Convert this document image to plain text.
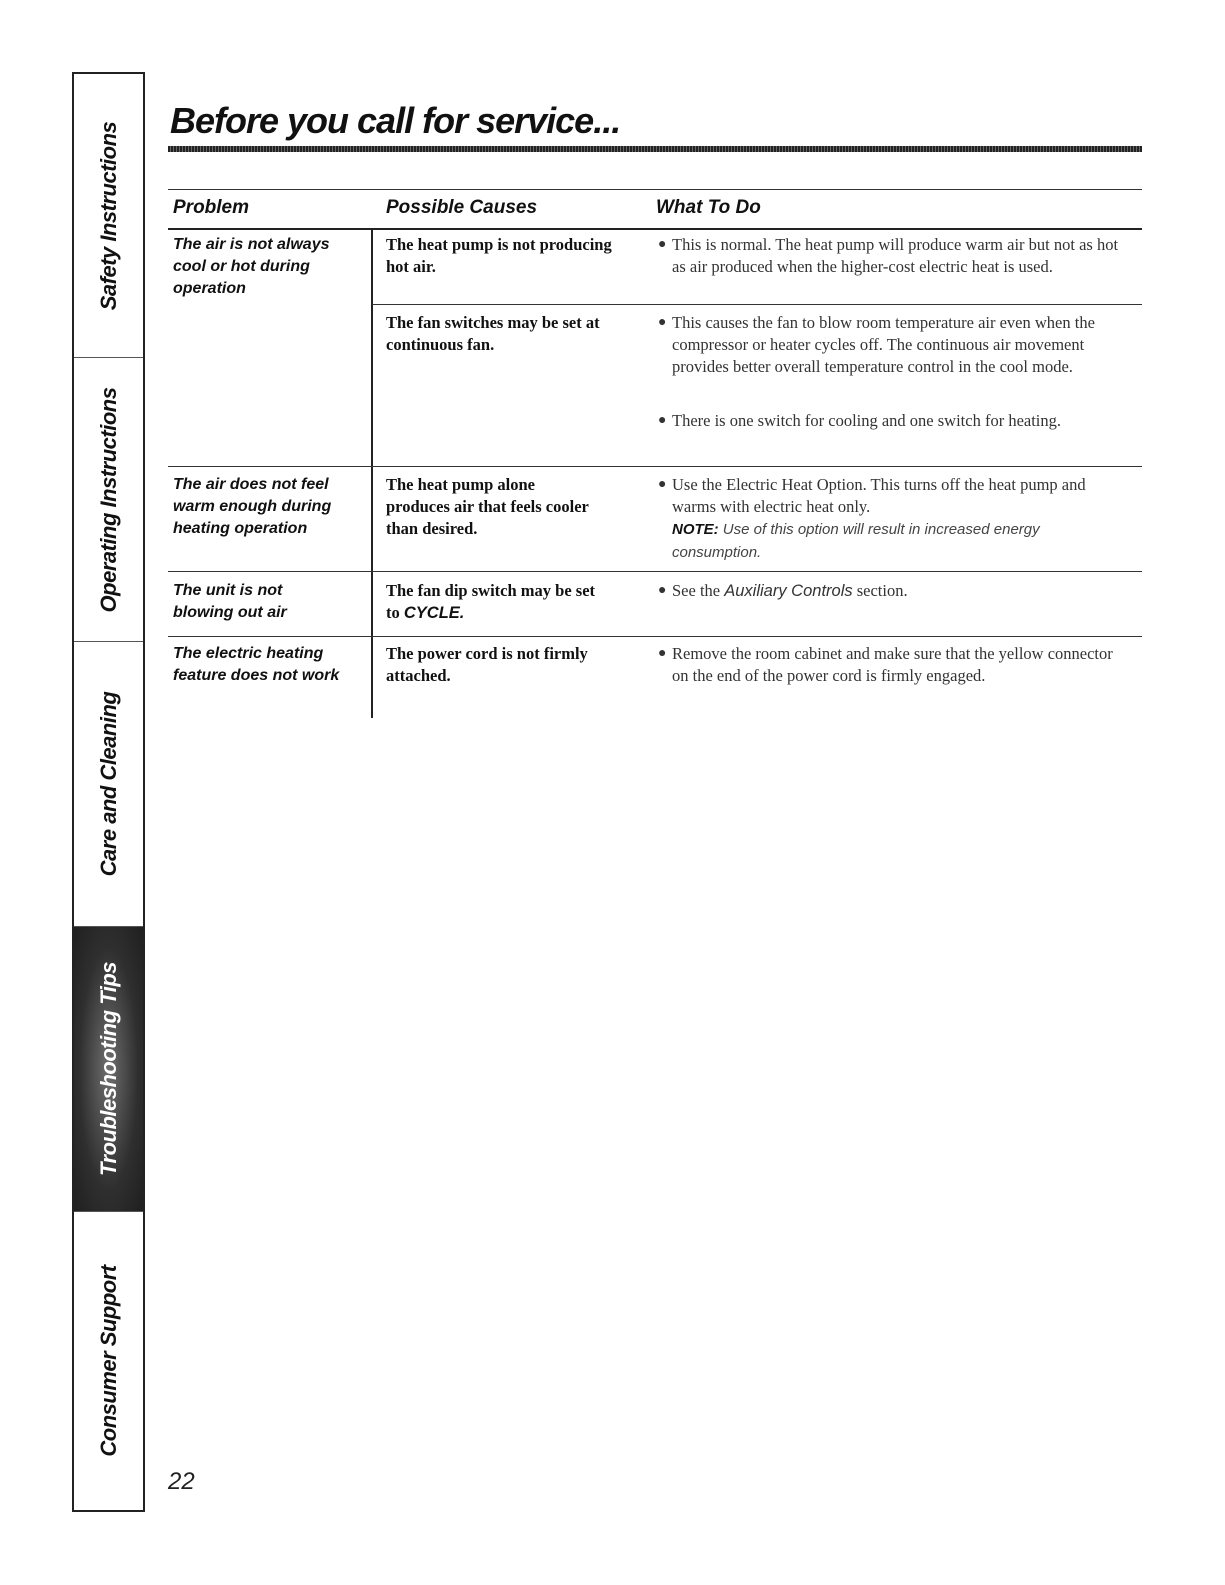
Safety Instructions
Operating Instructions
Care and Cleaning
Troubleshooting Tips
Consumer Support
Before you call for service...
Problem	Possible Causes	What To Do
The air is not always cool or hot during operation
The heat pump is not producing hot air.
● This is normal. The heat pump will produce warm air but not as hot as air produced when the higher-cost electric heat is used.
The fan switches may be set at continuous fan.
● This causes the fan to blow room temperature air even when the compressor or heater cycles off. The continuous air movement provides better overall temperature control in the cool mode.
● There is one switch for cooling and one switch for heating.
The air does not feel warm enough during heating operation
The heat pump alone produces air that feels cooler than desired.
● Use the Electric Heat Option. This turns off the heat pump and warms with electric heat only.
NOTE: Use of this option will result in increased energy consumption.
The unit is not blowing out air
The fan dip switch may be set to CYCLE.
● See the Auxiliary Controls section.
The electric heating feature does not work
The power cord is not firmly attached.
● Remove the room cabinet and make sure that the yellow connector on the end of the power cord is firmly engaged.
22
